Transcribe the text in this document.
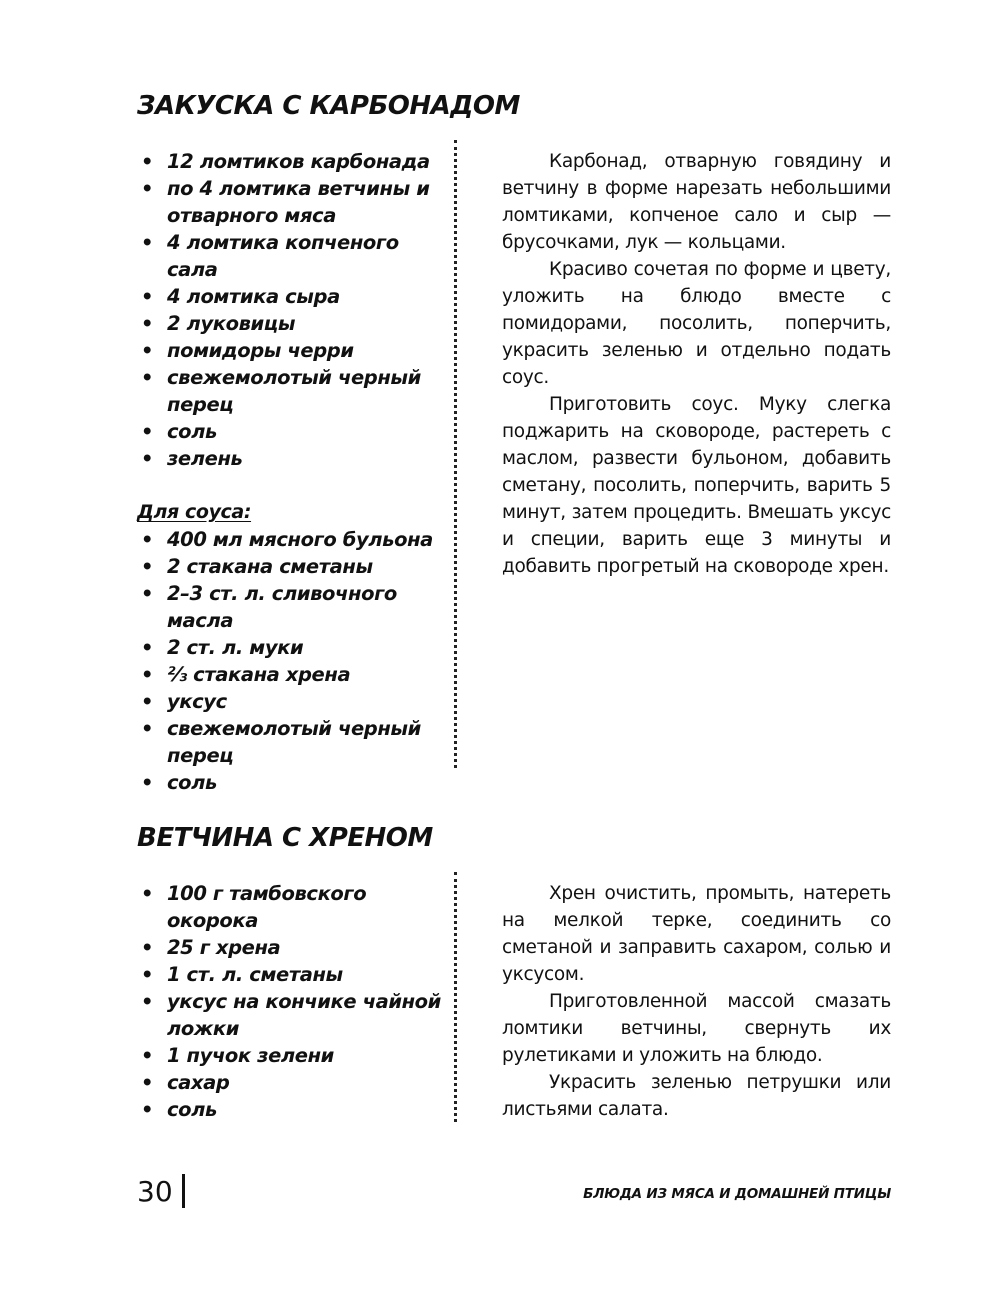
ЗАКУСКА С КАРБОНАДОМ
• 12 ломтиков карбонада
• по 4 ломтика ветчины и отварного мяса
• 4 ломтика копченого сала
• 4 ломтика сыра
• 2 луковицы
• помидоры черри
• свежемолотый черный перец
• соль
• зелень
Для соуса:
• 400 мл мясного бульона
• 2 стакана сметаны
• 2–3 ст. л. сливочного масла
• 2 ст. л. муки
• ⅔ стакана хрена
• уксус
• свежемолотый черный перец
• соль

Карбонад, отварную говядину и ветчину в форме нарезать небольшими ломтиками, копченое сало и сыр — брусочками, лук — кольцами.

Красиво сочетая по форме и цвету, уложить на блюдо вместе с помидорами, посолить, поперчить, украсить зеленью и отдельно подать соус.

Приготовить соус. Муку слегка поджарить на сковороде, растереть с маслом, развести бульоном, добавить сметану, посолить, поперчить, варить 5 минут, затем процедить. Вмешать уксус и специи, варить еще 3 минуты и добавить прогретый на сковороде хрен.

ВЕТЧИНА С ХРЕНОМ
• 100 г тамбовского окорока
• 25 г хрена
• 1 ст. л. сметаны
• уксус на кончике чайной ложки
• 1 пучок зелени
• сахар
• соль

Хрен очистить, промыть, натереть на мелкой терке, соединить со сметаной и заправить сахаром, солью и уксусом.

Приготовленной массой смазать ломтики ветчины, свернуть их рулетиками и уложить на блюдо.

Украсить зеленью петрушки или листьями салата.

30	БЛЮДА ИЗ МЯСА И ДОМАШНЕЙ ПТИЦЫ
